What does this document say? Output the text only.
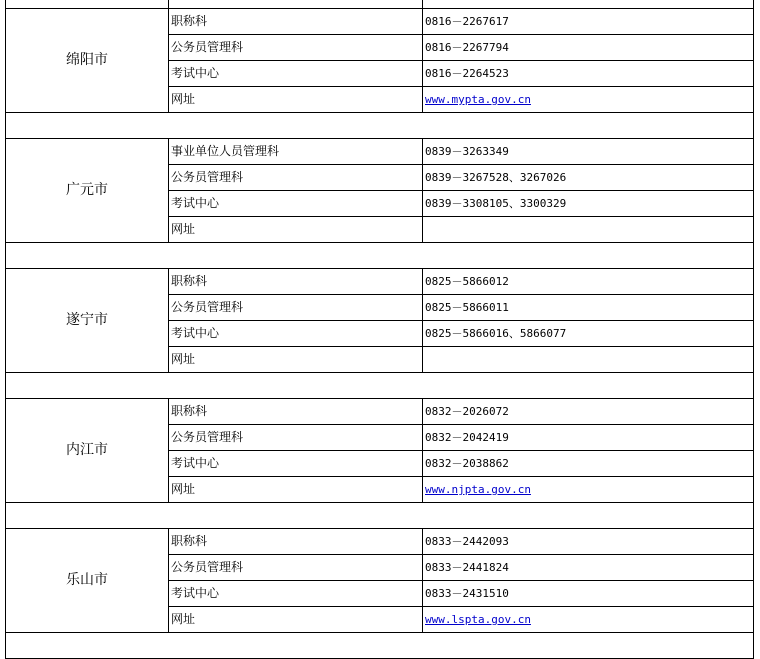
绵阳市	职称科	0816－2267617
	公务员管理科	0816－2267794
	考试中心	0816－2264523
	网址	www.mypta.gov.cn

广元市	事业单位人员管理科	0839－3263349
	公务员管理科	0839－3267528、3267026
	考试中心	0839－3308105、3300329
	网址	

遂宁市	职称科	0825－5866012
	公务员管理科	0825－5866011
	考试中心	0825－5866016、5866077
	网址	

内江市	职称科	0832－2026072
	公务员管理科	0832－2042419
	考试中心	0832－2038862
	网址	www.njpta.gov.cn

乐山市	职称科	0833－2442093
	公务员管理科	0833－2441824
	考试中心	0833－2431510
	网址	www.lspta.gov.cn
